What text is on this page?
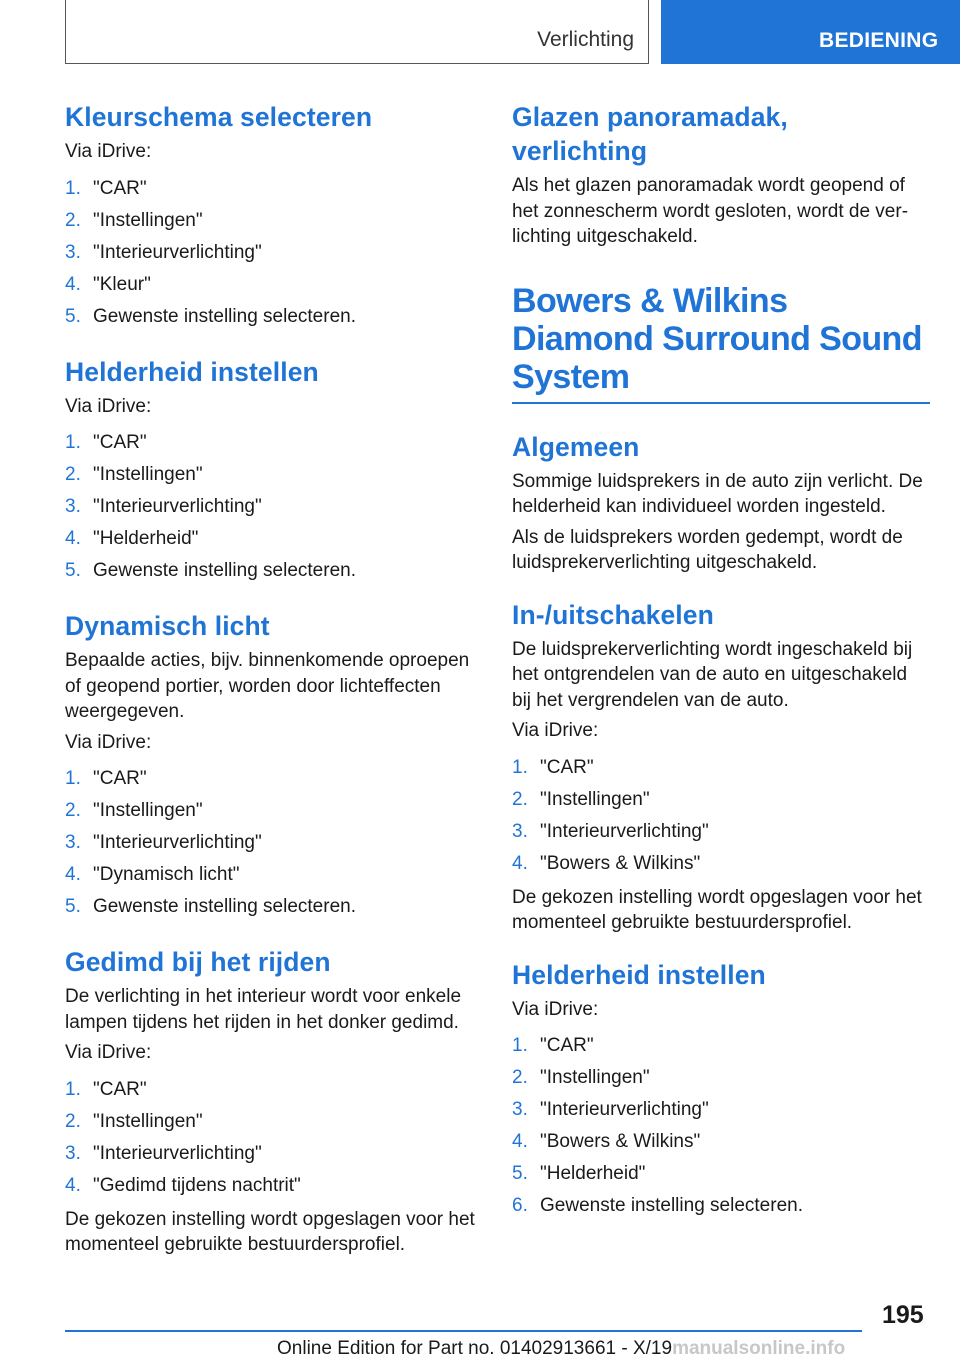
Verlichting	BEDIENING
Kleurschema selecteren

Via iDrive:

1. "CAR"
2. "Instellingen"
3. "Interieurverlichting"
4. "Kleur"
5. Gewenste instelling selecteren.
Helderheid instellen

Via iDrive:

1. "CAR"
2. "Instellingen"
3. "Interieurverlichting"
4. "Helderheid"
5. Gewenste instelling selecteren.
Dynamisch licht

Bepaalde acties, bijv. binnenkomende oproepen of geopend portier, worden door lichteffecten weergegeven.

Via iDrive:

1. "CAR"
2. "Instellingen"
3. "Interieurverlichting"
4. "Dynamisch licht"
5. Gewenste instelling selecteren.
Gedimd bij het rijden

De verlichting in het interieur wordt voor enkele lampen tijdens het rijden in het donker gedimd.

Via iDrive:

1. "CAR"
2. "Instellingen"
3. "Interieurverlichting"
4. "Gedimd tijdens nachtrit"

De gekozen instelling wordt opgeslagen voor het momenteel gebruikte bestuurdersprofiel.

Glazen panoramadak, verlichting

Als het glazen panoramadak wordt geopend of het zonnescherm wordt gesloten, wordt de ver-lichting uitgeschakeld.

Bowers & Wilkins Diamond Surround Sound System
Algemeen

Sommige luidsprekers in de auto zijn verlicht. De helderheid kan individueel worden ingesteld.

Als de luidsprekers worden gedempt, wordt de luidsprekerverlichting uitgeschakeld.

In-/uitschakelen

De luidsprekerverlichting wordt ingeschakeld bij het ontgrendelen van de auto en uitgeschakeld bij het vergrendelen van de auto.

Via iDrive:

1. "CAR"
2. "Instellingen"
3. "Interieurverlichting"
4. "Bowers & Wilkins"

De gekozen instelling wordt opgeslagen voor het momenteel gebruikte bestuurdersprofiel.

Helderheid instellen

Via iDrive:

1. "CAR"
2. "Instellingen"
3. "Interieurverlichting"
4. "Bowers & Wilkins"
5. "Helderheid"
6. Gewenste instelling selecteren.
195
Online Edition for Part no. 01402913661 - X/19manualsonline.info
